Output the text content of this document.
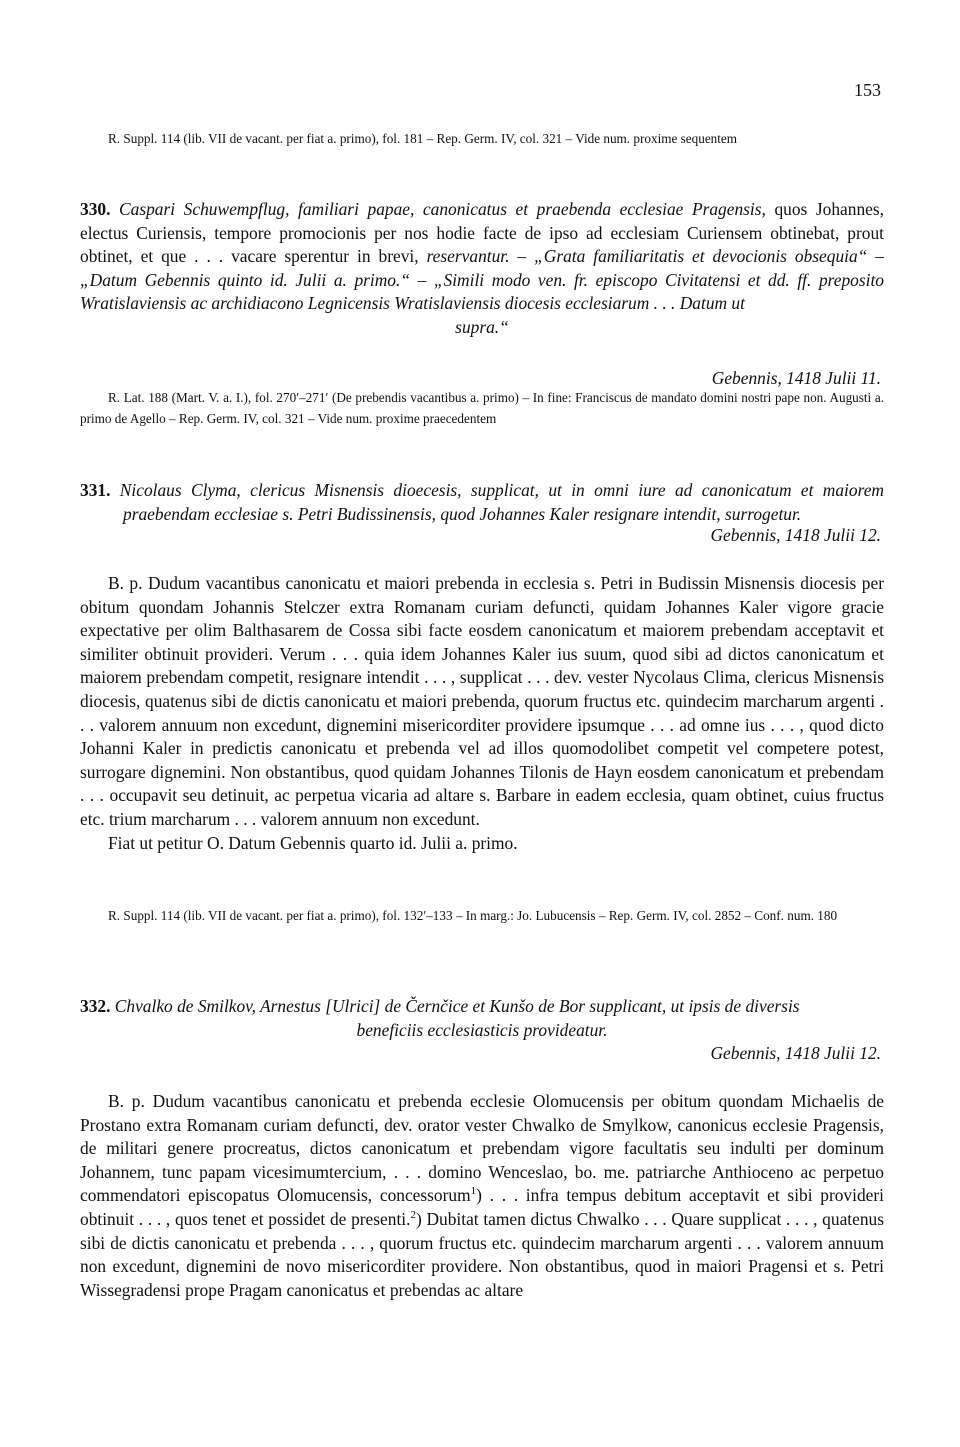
153
R. Suppl. 114 (lib. VII de vacant. per fiat a. primo), fol. 181 – Rep. Germ. IV, col. 321 – Vide num. proxime sequentem
330. Caspari Schuwempflug, familiari papae, canonicatus et praebenda ecclesiae Pragensis, quos Johannes, electus Curiensis, tempore promocionis per nos hodie facte de ipso ad ecclesiam Curiensem obtinebat, prout obtinet, et que . . . vacare sperentur in brevi, reservantur. – „Grata familiaritatis et devocionis obsequia“ – „Datum Gebennis quinto id. Julii a. primo.“ – „Simili modo ven. fr. episcopo Civitatensi et dd. ff. preposito Wratislaviensis ac archidiacono Legnicensis Wratislaviensis diocesis ecclesiarum . . . Datum ut
supra.“
Gebennis, 1418 Julii 11.
R. Lat. 188 (Mart. V. a. I.), fol. 270′–271′ (De prebendis vacantibus a. primo) – In fine: Franciscus de mandato domini nostri pape non. Augusti a. primo de Agello – Rep. Germ. IV, col. 321 – Vide num. proxime praecedentem
331. Nicolaus Clyma, clericus Misnensis dioecesis, supplicat, ut in omni iure ad canonicatum et maiorem praebendam ecclesiae s. Petri Budissinensis, quod Johannes Kaler resignare intendit, surrogetur.
Gebennis, 1418 Julii 12.

B. p. Dudum vacantibus canonicatu et maiori prebenda in ecclesia s. Petri in Budissin Misnensis diocesis per obitum quondam Johannis Stelczer extra Romanam curiam defuncti, quidam Johannes Kaler vigore gracie expectative per olim Balthasarem de Cossa sibi facte eosdem canonicatum et maiorem prebendam acceptavit et similiter obtinuit provideri. Verum . . . quia idem Johannes Kaler ius suum, quod sibi ad dictos canonicatum et maiorem prebendam competit, resignare intendit . . . , supplicat . . . dev. vester Nycolaus Clima, clericus Misnensis diocesis, quatenus sibi de dictis canonicatu et maiori prebenda, quorum fructus etc. quindecim marcharum argenti . . . valorem annuum non excedunt, dignemini misericorditer providere ipsumque . . . ad omne ius . . . , quod dicto Johanni Kaler in predictis canonicatu et prebenda vel ad illos quomodolibet competit vel competere potest, surrogare dignemini. Non obstantibus, quod quidam Johannes Tilonis de Hayn eosdem canonicatum et prebendam . . . occupavit seu detinuit, ac perpetua vicaria ad altare s. Barbare in eadem ecclesia, quam obtinet, cuius fructus etc. trium marcharum . . . valorem annuum non excedunt.

Fiat ut petitur O. Datum Gebennis quarto id. Julii a. primo.

R. Suppl. 114 (lib. VII de vacant. per fiat a. primo), fol. 132′–133 – In marg.: Jo. Lubucensis – Rep. Germ. IV, col. 2852 – Conf. num. 180
332. Chvalko de Smilkov, Arnestus [Ulrici] de Černčice et Kunšo de Bor supplicant, ut ipsis de diversis
beneficiis ecclesiasticis provideatur.
Gebennis, 1418 Julii 12.

B. p. Dudum vacantibus canonicatu et prebenda ecclesie Olomucensis per obitum quondam Michaelis de Prostano extra Romanam curiam defuncti, dev. orator vester Chwalko de Smylkow, canonicus ecclesie Pragensis, de militari genere procreatus, dictos canonicatum et prebendam vigore facultatis seu indulti per dominum Johannem, tunc papam vicesimumtercium, . . . domino Wenceslao, bo. me. patriarche Anthioceno ac perpetuo commendatori episcopatus Olomucensis, concessorum$^1$) . . . infra tempus debitum acceptavit et sibi provideri obtinuit . . . , quos tenet et possidet de presenti.$^2$) Dubitat tamen dictus Chwalko . . . Quare supplicat . . . , quatenus sibi de dictis canonicatu et prebenda . . . , quorum fructus etc. quindecim marcharum argenti . . . valorem annuum non excedunt, dignemini de novo misericorditer providere. Non obstantibus, quod in maiori Pragensi et s. Petri Wissegradensi prope Pragam canonicatus et prebendas ac altare
